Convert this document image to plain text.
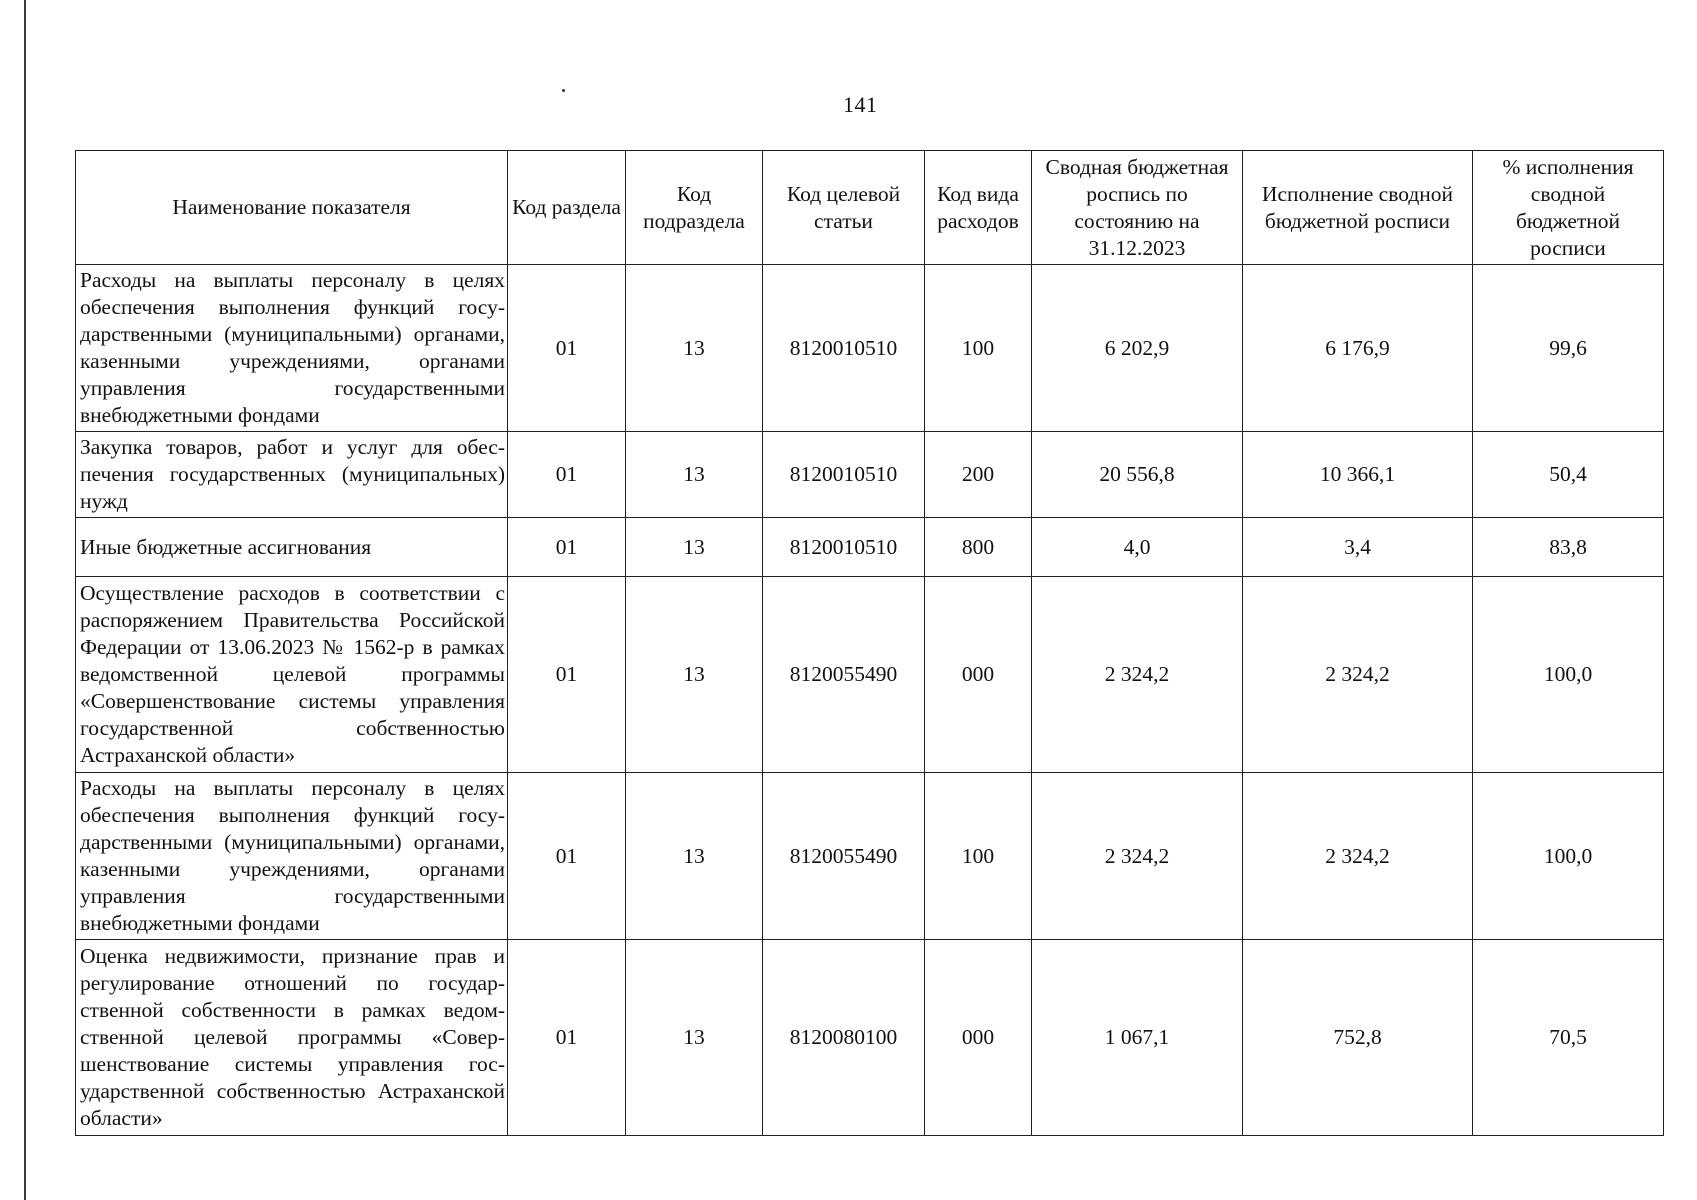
141
Наименование показателя	Код раздела	Код подраздела	Код целевой статьи	Код вида расходов	Сводная бюджетная роспись по состоянию на 31.12.2023	Исполнение сводной бюджетной росписи	% исполнения сводной бюджетной росписи
Расходы на выплаты персоналу в целях обеспечения выполнения функций государственными (муниципальными) органами, казенными учреждениями, органами управления государственными внебюджетными фондами	01	13	8120010510	100	6 202,9	6 176,9	99,6
Закупка товаров, работ и услуг для обеспечения государственных (муниципальных) нужд	01	13	8120010510	200	20 556,8	10 366,1	50,4
Иные бюджетные ассигнования	01	13	8120010510	800	4,0	3,4	83,8
Осуществление расходов в соответствии с распоряжением Правительства Российской Федерации от 13.06.2023 № 1562-р в рамках ведомственной целевой программы «Совершенствование системы управления государственной собственностью Астраханской области»	01	13	8120055490	000	2 324,2	2 324,2	100,0
Расходы на выплаты персоналу в целях обеспечения выполнения функций государственными (муниципальными) органами, казенными учреждениями, органами управления государственными внебюджетными фондами	01	13	8120055490	100	2 324,2	2 324,2	100,0
Оценка недвижимости, признание прав и регулирование отношений по государственной собственности в рамках ведомственной целевой программы «Совершенствование системы управления государственной собственностью Астраханской области»	01	13	8120080100	000	1 067,1	752,8	70,5
